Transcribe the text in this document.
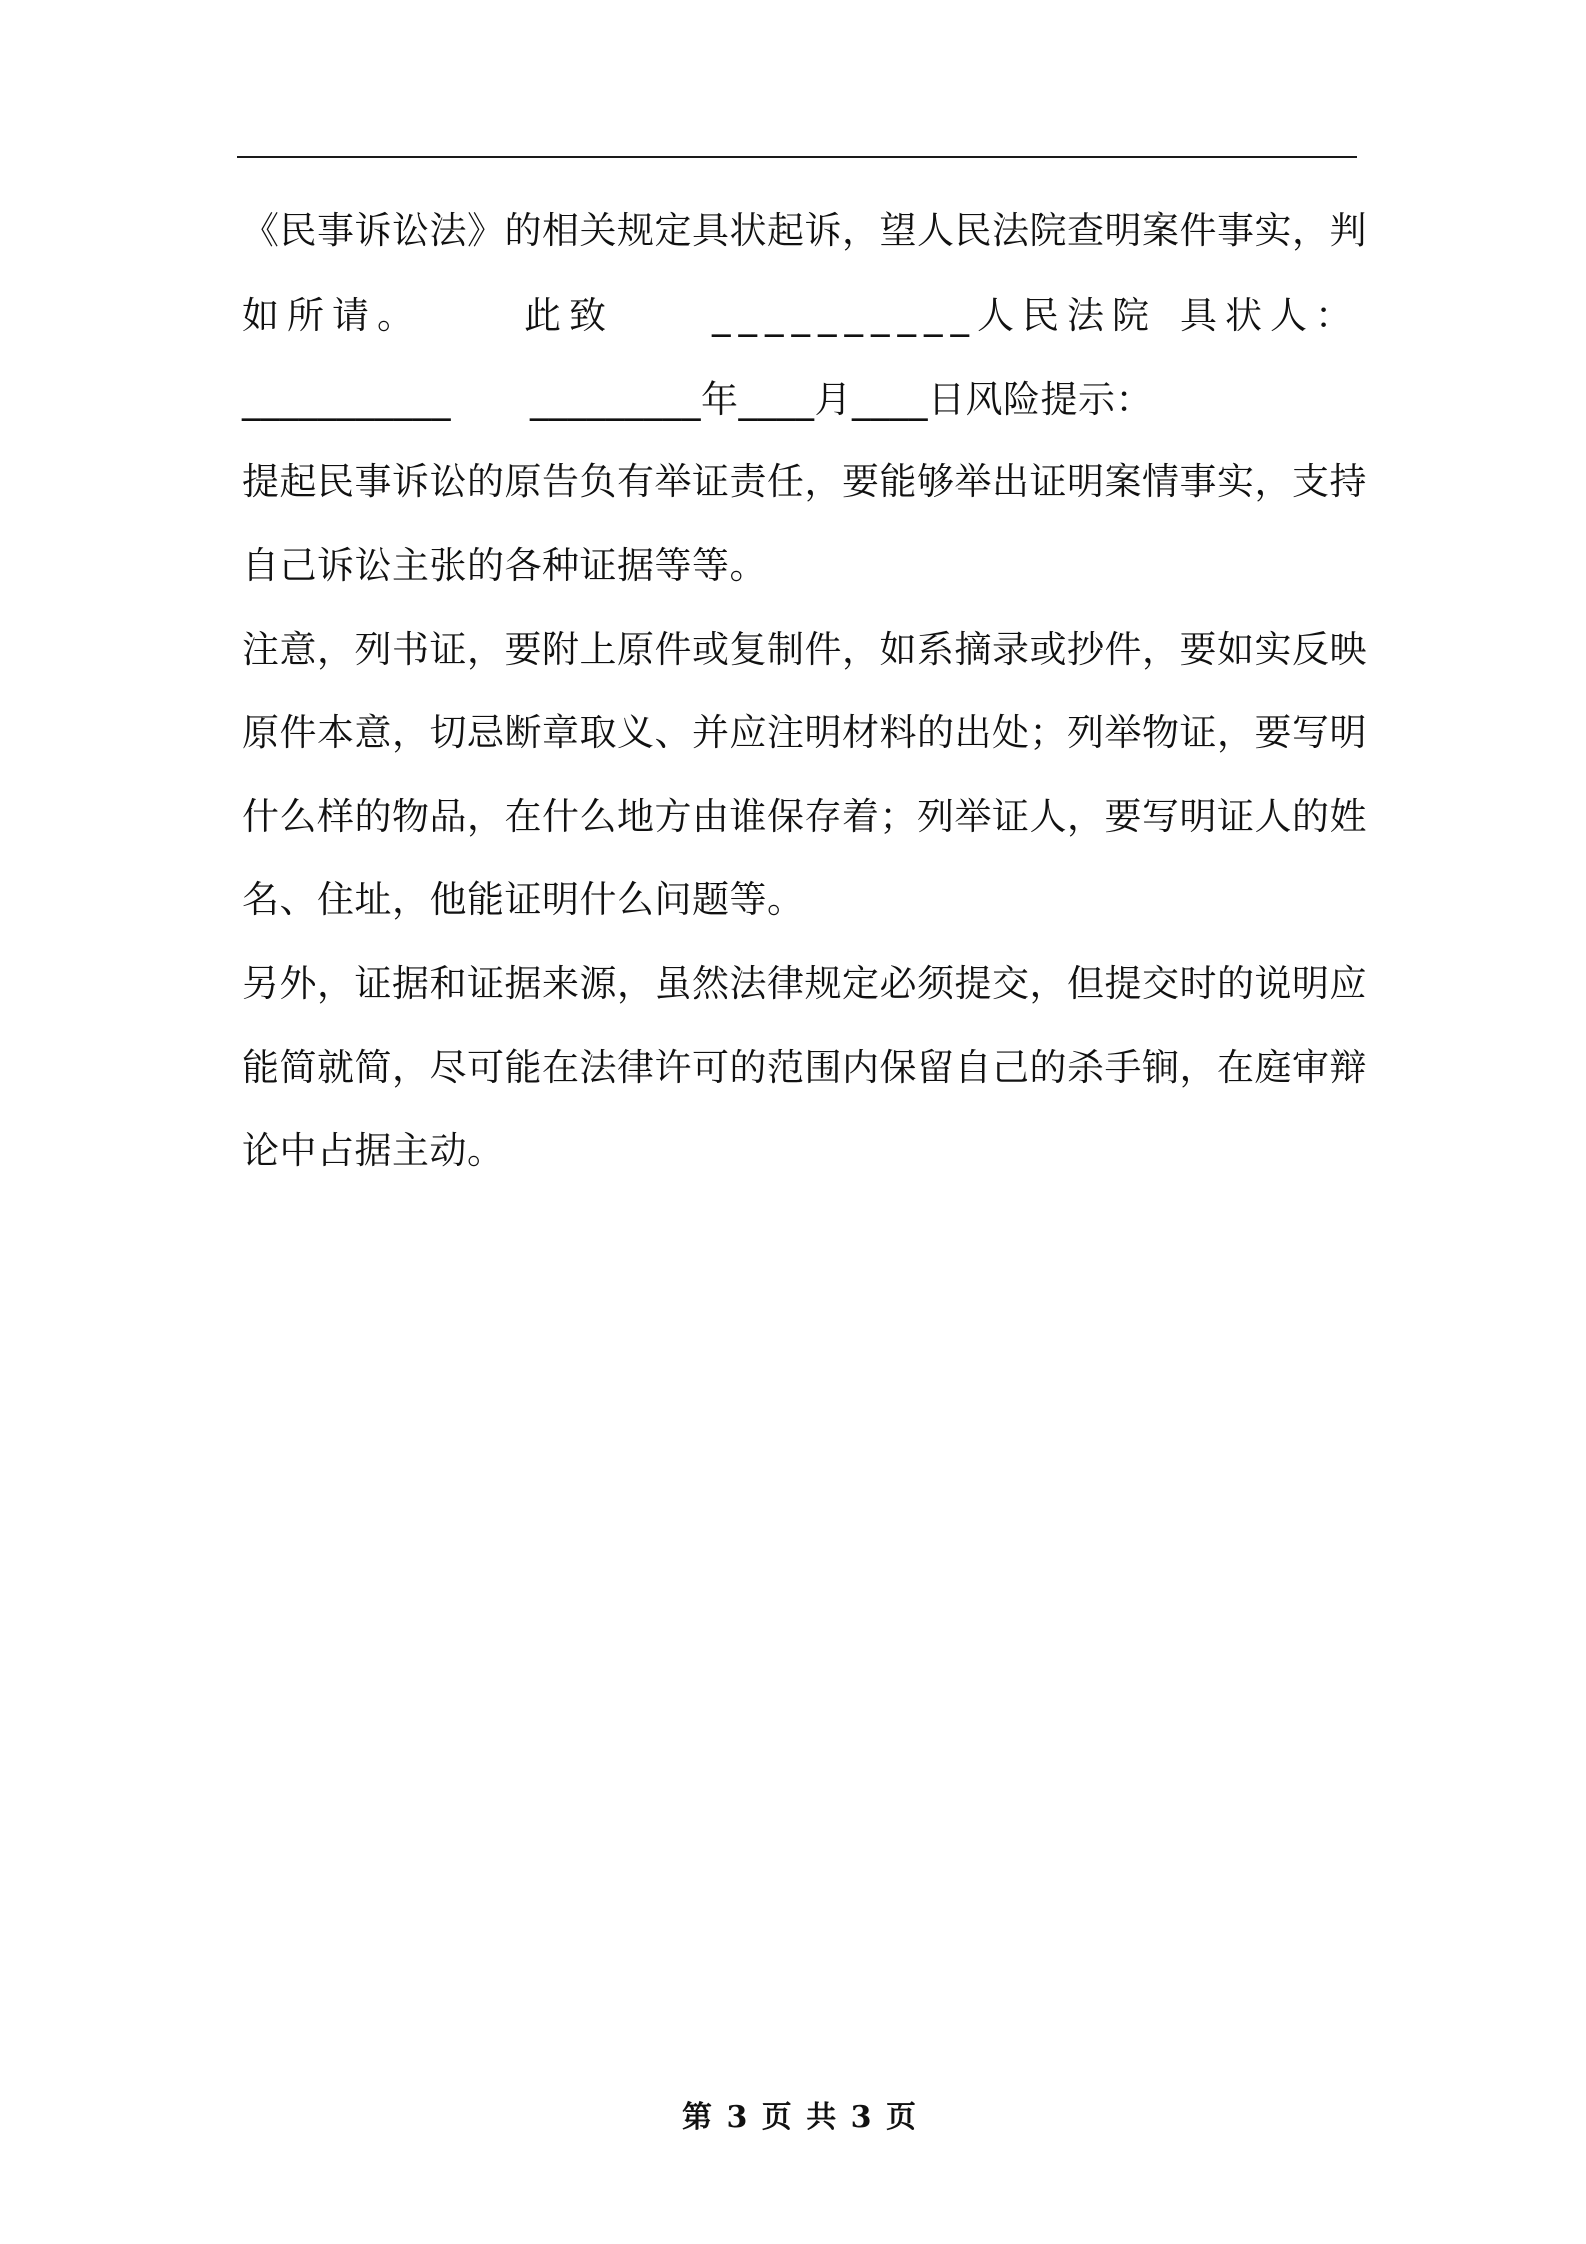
《民事诉讼法》的相关规定具状起诉，望人民法院查明案件事实，判
如所请。	此致	__________人民法院 具状人：
___________ _________年____月____日风险提示：
提起民事诉讼的原告负有举证责任，要能够举出证明案情事实，支持
自己诉讼主张的各种证据等等。
注意，列书证，要附上原件或复制件，如系摘录或抄件，要如实反映
原件本意，切忌断章取义、并应注明材料的出处；列举物证，要写明
什么样的物品，在什么地方由谁保存着；列举证人，要写明证人的姓
名、住址，他能证明什么问题等。
另外，证据和证据来源，虽然法律规定必须提交，但提交时的说明应
能简就简，尽可能在法律许可的范围内保留自己的杀手锏，在庭审辩
论中占据主动。
第 3 页 共 3 页
